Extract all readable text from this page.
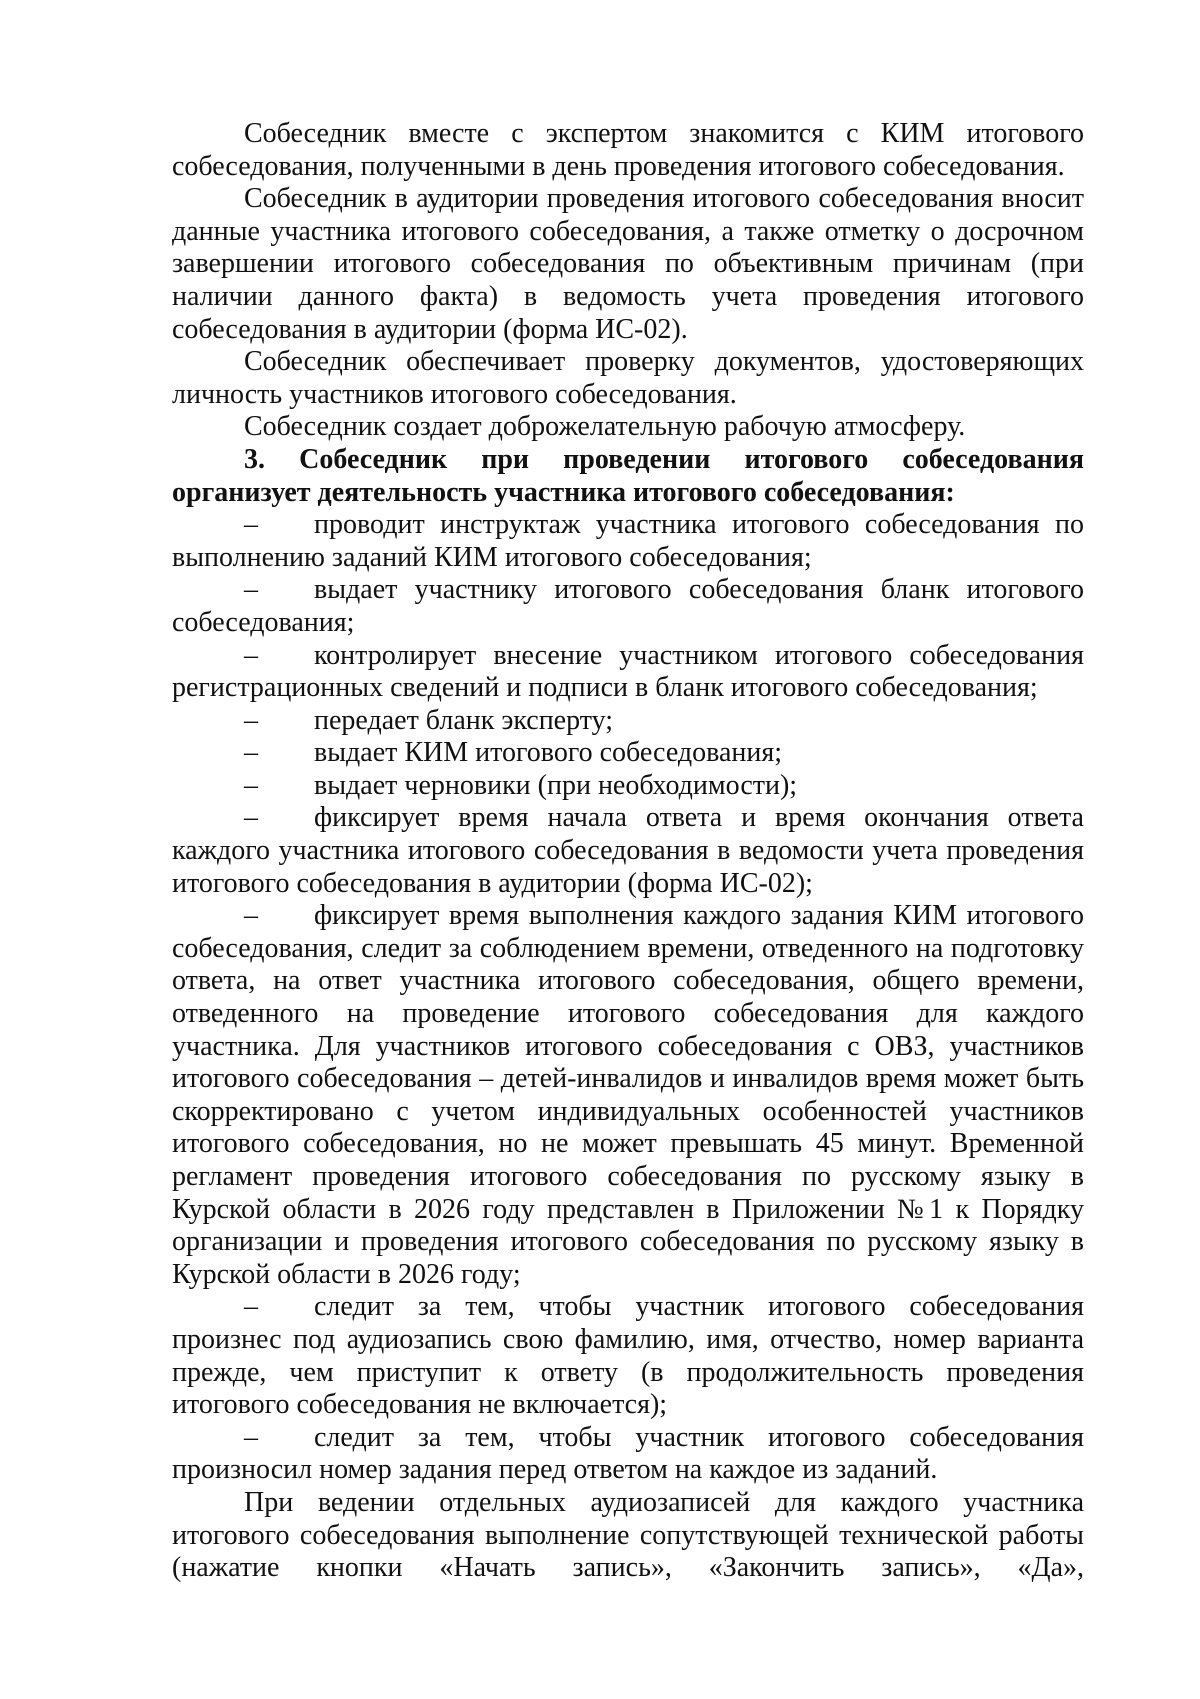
Собеседник вместе с экспертом знакомится с КИМ итогового собеседования, полученными в день проведения итогового собеседования.

Собеседник в аудитории проведения итогового собеседования вносит данные участника итогового собеседования, а также отметку о досрочном завершении итогового собеседования по объективным причинам (при наличии данного факта) в ведомость учета проведения итогового собеседования в аудитории (форма ИС-02).

Собеседник обеспечивает проверку документов, удостоверяющих личность участников итогового собеседования.

Собеседник создает доброжелательную рабочую атмосферу.

3. Собеседник при проведении итогового собеседования организует деятельность участника итогового собеседования:

– проводит инструктаж участника итогового собеседования по выполнению заданий КИМ итогового собеседования;

– выдает участнику итогового собеседования бланк итогового собеседования;

– контролирует внесение участником итогового собеседования регистрационных сведений и подписи в бланк итогового собеседования;

– передает бланк эксперту;

– выдает КИМ итогового собеседования;

– выдает черновики (при необходимости);

– фиксирует время начала ответа и время окончания ответа каждого участника итогового собеседования в ведомости учета проведения итогового собеседования в аудитории (форма ИС-02);

– фиксирует время выполнения каждого задания КИМ итогового собеседования, следит за соблюдением времени, отведенного на подготовку ответа, на ответ участника итогового собеседования, общего времени, отведенного на проведение итогового собеседования для каждого участника. Для участников итогового собеседования с ОВЗ, участников итогового собеседования – детей-инвалидов и инвалидов время может быть скорректировано с учетом индивидуальных особенностей участников итогового собеседования, но не может превышать 45 минут. Временной регламент проведения итогового собеседования по русскому языку в Курской области в 2026 году представлен в Приложении №1 к Порядку организации и проведения итогового собеседования по русскому языку в Курской области в 2026 году;

– следит за тем, чтобы участник итогового собеседования произнес под аудиозапись свою фамилию, имя, отчество, номер варианта прежде, чем приступит к ответу (в продолжительность проведения итогового собеседования не включается);

– следит за тем, чтобы участник итогового собеседования произносил номер задания перед ответом на каждое из заданий.

При ведении отдельных аудиозаписей для каждого участника итогового собеседования выполнение сопутствующей технической работы (нажатие кнопки «Начать запись», «Закончить запись», «Да»,
